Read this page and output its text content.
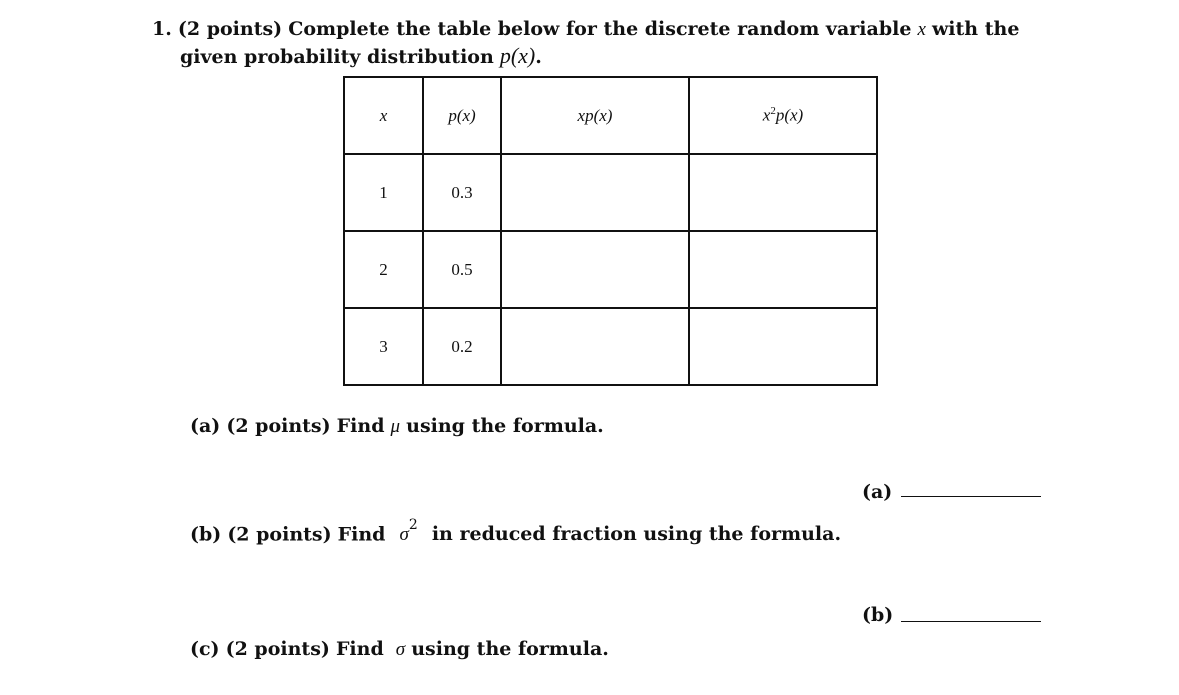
1. (2 points) Complete the table below for the discrete random variable x with the
given probability distribution p(x).
x	p(x)	xp(x)	$x^2p(x)$
1	0.3		
2	0.5		
3	0.2		
(a) (2 points) Find μ using the formula.
(a)
(b) (2 points) Find $\sigma^2$ in reduced fraction using the formula.
(b)
(c) (2 points) Find σ using the formula.
